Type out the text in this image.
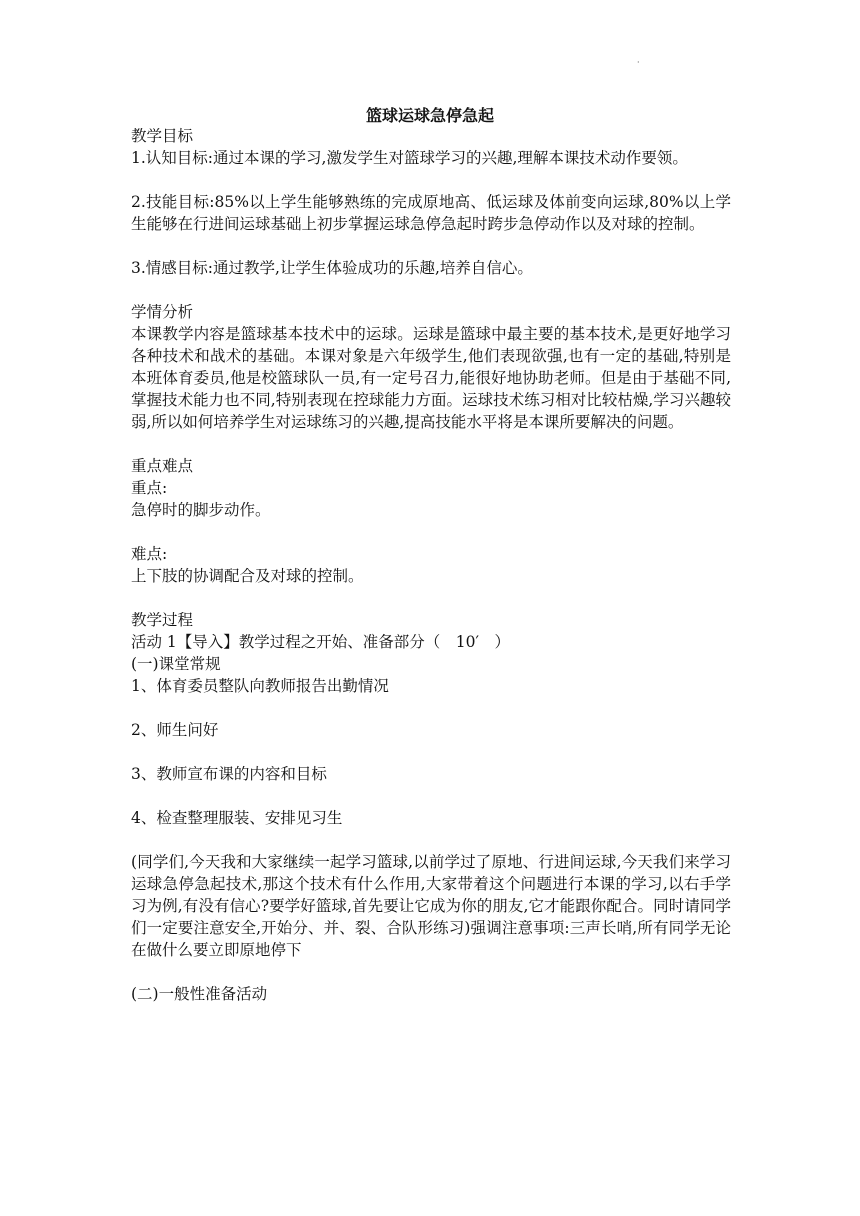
·
篮球运球急停急起

教学目标

1.认知目标:通过本课的学习,激发学生对篮球学习的兴趣,理解本课技术动作要领。

2.技能目标:85%以上学生能够熟练的完成原地高、低运球及体前变向运球,80%以上学生能够在行进间运球基础上初步掌握运球急停急起时跨步急停动作以及对球的控制。

3.情感目标:通过教学,让学生体验成功的乐趣,培养自信心。

学情分析

本课教学内容是篮球基本技术中的运球。运球是篮球中最主要的基本技术,是更好地学习各种技术和战术的基础。本课对象是六年级学生,他们表现欲强,也有一定的基础,特别是本班体育委员,他是校篮球队一员,有一定号召力,能很好地协助老师。但是由于基础不同,掌握技术能力也不同,特别表现在控球能力方面。运球技术练习相对比较枯燥,学习兴趣较弱,所以如何培养学生对运球练习的兴趣,提高技能水平将是本课所要解决的问题。

重点难点

重点:

急停时的脚步动作。

难点:

上下肢的协调配合及对球的控制。

教学过程

活动 1【导入】教学过程之开始、准备部分（　10′　）

(一)课堂常规

1、体育委员整队向教师报告出勤情况

2、师生问好

3、教师宣布课的内容和目标

4、检查整理服装、安排见习生

(同学们,今天我和大家继续一起学习篮球,以前学过了原地、行进间运球,今天我们来学习运球急停急起技术,那这个技术有什么作用,大家带着这个问题进行本课的学习,以右手学习为例,有没有信心?要学好篮球,首先要让它成为你的朋友,它才能跟你配合。同时请同学们一定要注意安全,开始分、并、裂、合队形练习)强调注意事项:三声长哨,所有同学无论在做什么要立即原地停下

(二)一般性准备活动
